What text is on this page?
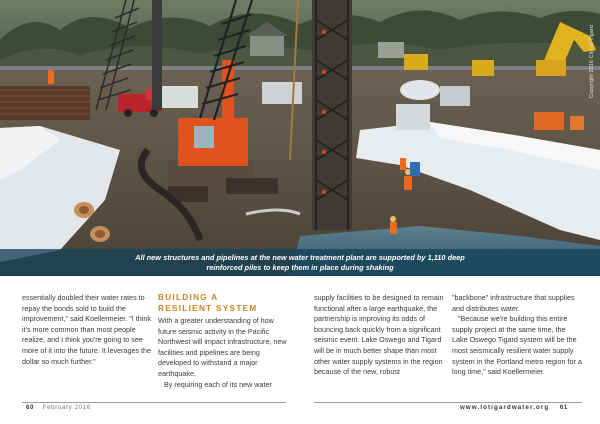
Copyright 2016 City of Tigard
All new structures and pipelines at the new water treatment plant are supported by 1,110 deep
reinforced piles to keep them in place during shaking

essentially doubled their water rates to repay the bonds sold to build the improvement," said Koellermeier. "I think it's more common than most people realize, and I think you're going to see more of it into the future. It leverages the dollar so much further."

BUILDING A
RESILIENT SYSTEM

With a greater understanding of how future seismic activity in the Pacific Northwest will impact infrastructure, new facilities and pipelines are being developed to withstand a major earthquake.

By requiring each of its new water

supply facilities to be designed to remain functional after a large earthquake, the partnership is improving its odds of bouncing back quickly from a significant seismic event. Lake Oswego and Tigard will be in much better shape than most other water supply systems in the region because of the new, robust

"backbone" infrastructure that supplies and distributes water.

"Because we're building this entire supply project at the same time, the Lake Oswego Tigard system will be the most seismically resilient water supply system in the Portland metro region for a long time," said Koellermeier.

60 February 2016	www.lotigardwater.org 61
